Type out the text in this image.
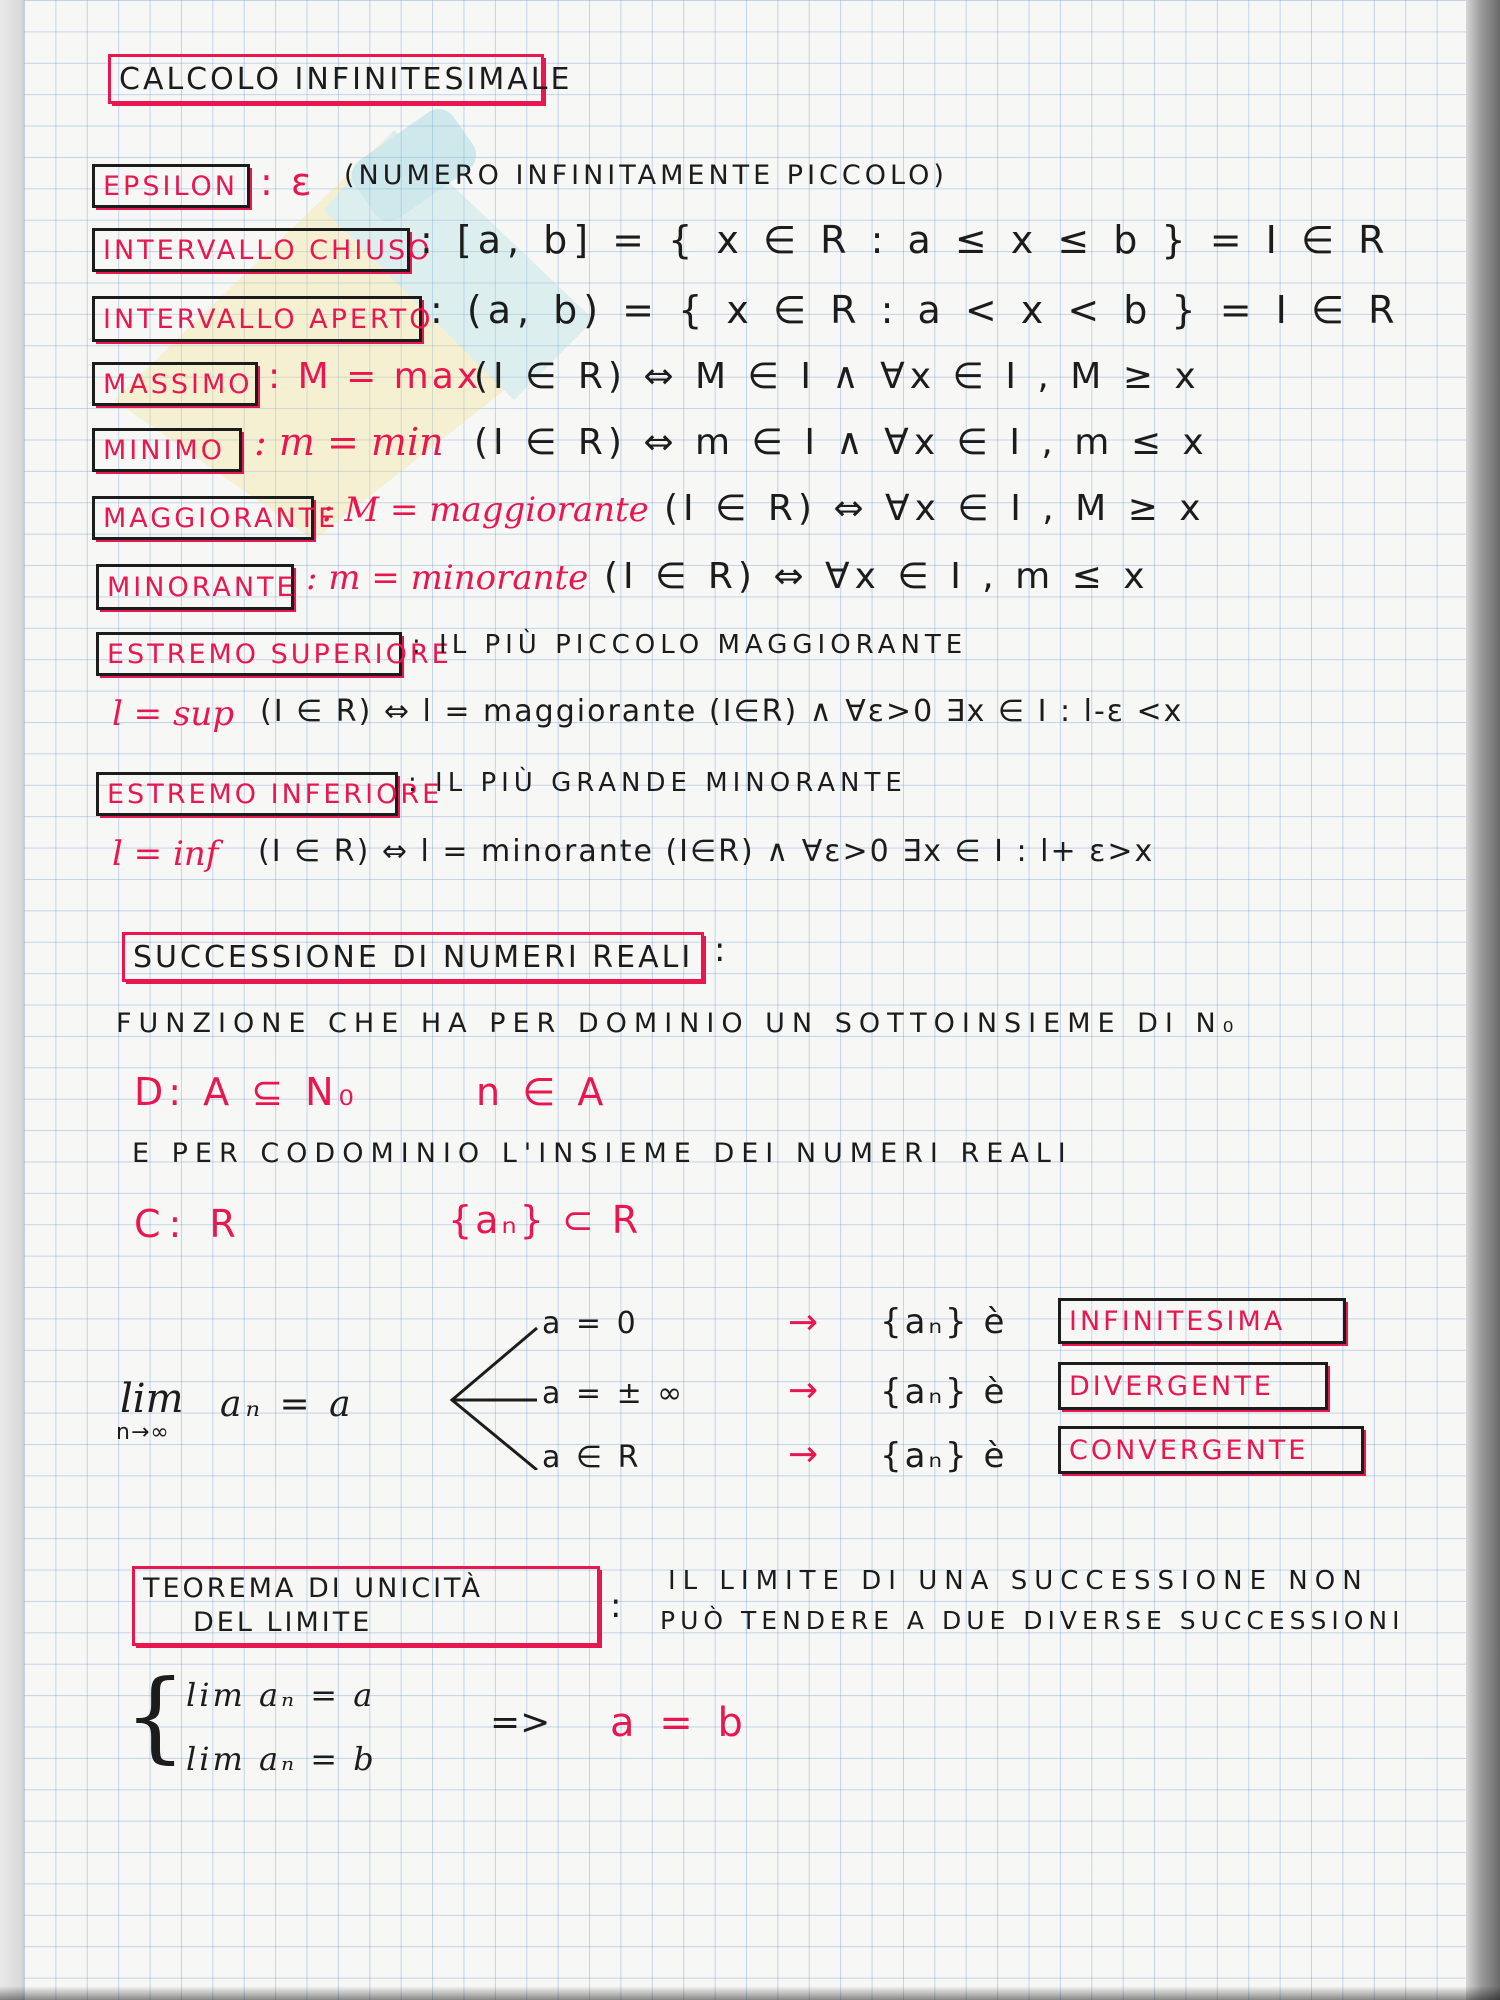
CALCOLO INFINITESIMALE
EPSILON : ε (NUMERO INFINITAMENTE PICCOLO)
INTERVALLO CHIUSO
: [a, b] = { x ∈ R : a ≤ x ≤ b } = I ∈ R
INTERVALLO APERTO
: (a, b) = { x ∈ R : a < x < b } = I ∈ R
MASSIMO : M = max
(I ∈ R) ⇔ M ∈ I ∧ ∀x ∈ I , M ≥ x
MINIMO : m = min (I ∈ R) ⇔ m ∈ I ∧ ∀x ∈ I , m ≤ x
MAGGIORANTE
: M = maggiorante (I ∈ R) ⇔ ∀x ∈ I , M ≥ x
MINORANTE : m = minorante (I ∈ R) ⇔ ∀x ∈ I , m ≤ x
ESTREMO SUPERIORE
: IL PIÙ PICCOLO MAGGIORANTE
l = sup (I ∈ R) ⇔ l = maggiorante (I∈R) ∧ ∀ε>0 ∃x ∈ I : l-ε <x
ESTREMO INFERIORE
: IL PIÙ GRANDE MINORANTE
l = inf (I ∈ R) ⇔ l = minorante (I∈R) ∧ ∀ε>0 ∃x ∈ I : l+ ε>x
SUCCESSIONE DI NUMERI REALI :
FUNZIONE CHE HA PER DOMINIO UN SOTTOINSIEME DI N₀
D: A ⊆ N₀	n ∈ A
E PER CODOMINIO L'INSIEME DEI NUMERI REALI
C: R	{aₙ} ⊂ R
lim
n→∞
aₙ = a
a = 0	→ {aₙ} è INFINITESIMA
a = ± ∞	→ {aₙ} è DIVERGENTE
a ∈ R	→ {aₙ} è CONVERGENTE
TEOREMA DI UNICITÀ
DEL LIMITE	:
IL LIMITE DI UNA SUCCESSIONE NON
PUÒ TENDERE A DUE DIVERSE SUCCESSIONI
{ lim aₙ = a
lim aₙ = b
=> a = b
